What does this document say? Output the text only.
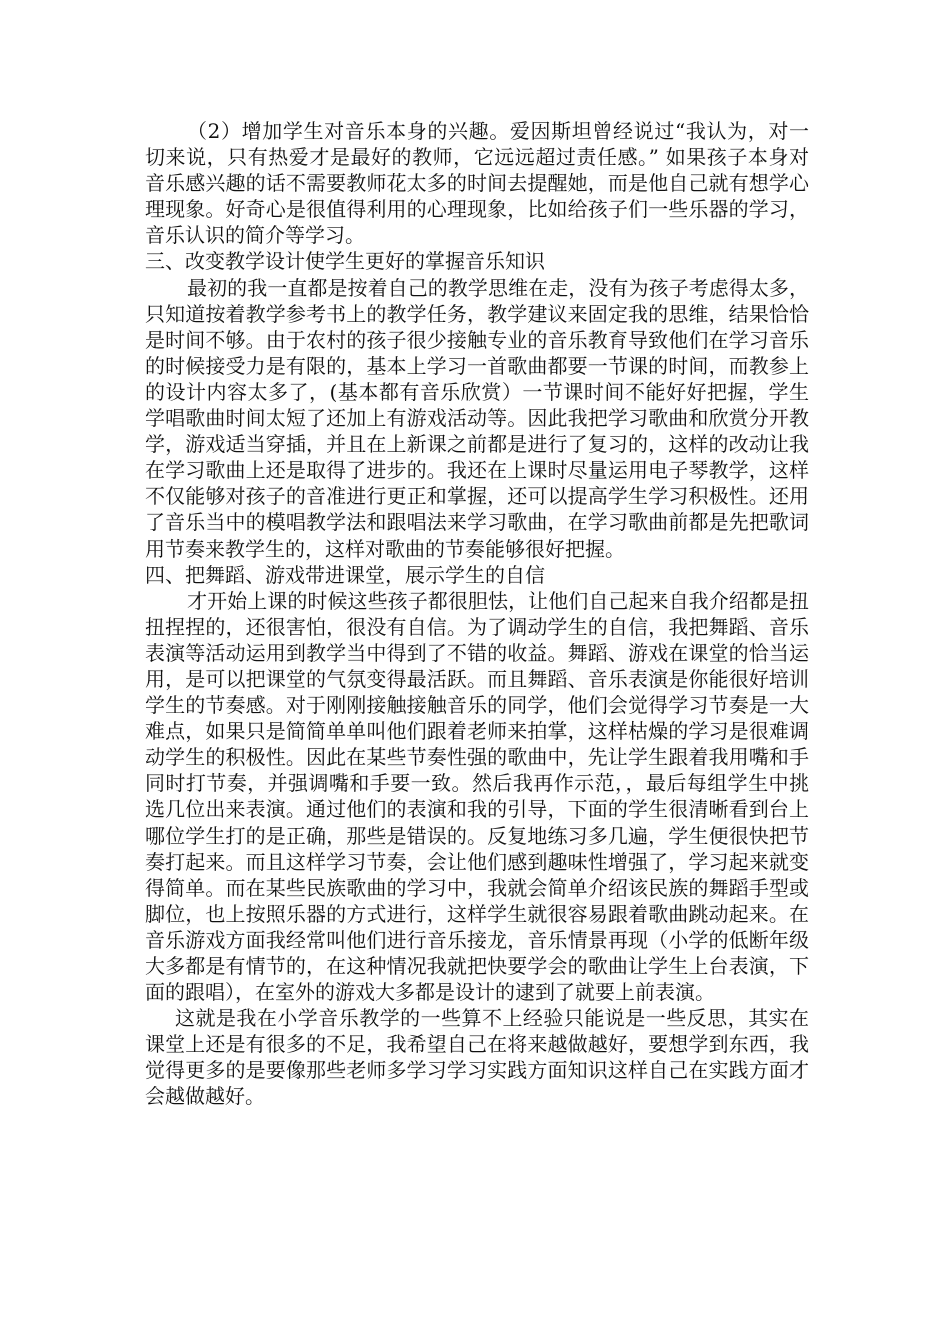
（2）增加学生对音乐本身的兴趣。爱因斯坦曾经说过“我认为，对一切来说，只有热爱才是最好的教师，它远远超过责任感。” 如果孩子本身对音乐感兴趣的话不需要教师花太多的时间去提醒她，而是他自己就有想学心理现象。好奇心是很值得利用的心理现象，比如给孩子们一些乐器的学习，音乐认识的简介等学习。

三、改变教学设计使学生更好的掌握音乐知识

最初的我一直都是按着自己的教学思维在走，没有为孩子考虑得太多，只知道按着教学参考书上的教学任务，教学建议来固定我的思维，结果恰恰是时间不够。由于农村的孩子很少接触专业的音乐教育导致他们在学习音乐的时候接受力是有限的，基本上学习一首歌曲都要一节课的时间，而教参上的设计内容太多了，(基本都有音乐欣赏）一节课时间不能好好把握，学生学唱歌曲时间太短了还加上有游戏活动等。因此我把学习歌曲和欣赏分开教学，游戏适当穿插，并且在上新课之前都是进行了复习的，这样的改动让我在学习歌曲上还是取得了进步的。我还在上课时尽量运用电子琴教学，这样不仅能够对孩子的音准进行更正和掌握，还可以提高学生学习积极性。还用了音乐当中的模唱教学法和跟唱法来学习歌曲，在学习歌曲前都是先把歌词用节奏来教学生的，这样对歌曲的节奏能够很好把握。

四、把舞蹈、游戏带进课堂，展示学生的自信

才开始上课的时候这些孩子都很胆怯，让他们自己起来自我介绍都是扭扭捏捏的，还很害怕，很没有自信。为了调动学生的自信，我把舞蹈、音乐表演等活动运用到教学当中得到了不错的收益。舞蹈、游戏在课堂的恰当运用，是可以把课堂的气氛变得最活跃。而且舞蹈、音乐表演是你能很好培训学生的节奏感。对于刚刚接触接触音乐的同学，他们会觉得学习节奏是一大难点，如果只是简简单单叫他们跟着老师来拍掌，这样枯燥的学习是很难调动学生的积极性。因此在某些节奏性强的歌曲中，先让学生跟着我用嘴和手同时打节奏，并强调嘴和手要一致。然后我再作示范，，最后每组学生中挑选几位出来表演。通过他们的表演和我的引导，下面的学生很清晰看到台上哪位学生打的是正确，那些是错误的。反复地练习多几遍，学生便很快把节奏打起来。而且这样学习节奏，会让他们感到趣味性增强了，学习起来就变得简单。而在某些民族歌曲的学习中，我就会简单介绍该民族的舞蹈手型或脚位，也上按照乐器的方式进行，这样学生就很容易跟着歌曲跳动起来。在音乐游戏方面我经常叫他们进行音乐接龙，音乐情景再现（小学的低断年级大多都是有情节的，在这种情况我就把快要学会的歌曲让学生上台表演，下面的跟唱），在室外的游戏大多都是设计的逮到了就要上前表演。

这就是我在小学音乐教学的一些算不上经验只能说是一些反思，其实在课堂上还是有很多的不足，我希望自己在将来越做越好，要想学到东西，我觉得更多的是要像那些老师多学习学习实践方面知识这样自己在实践方面才会越做越好。
